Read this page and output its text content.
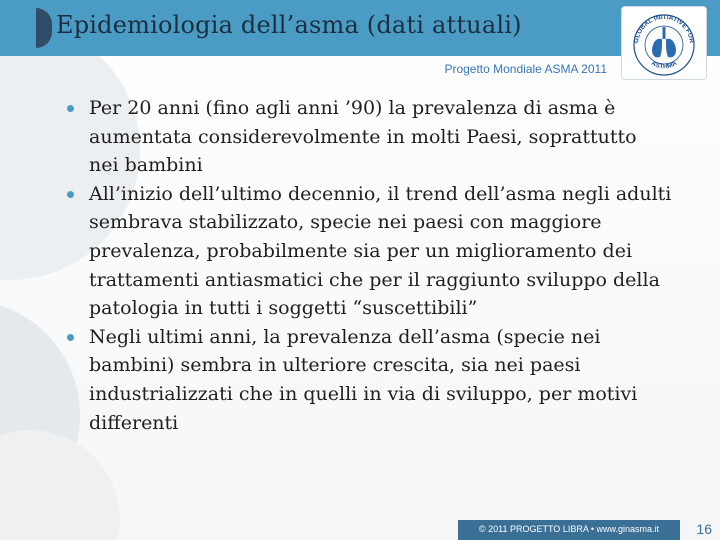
Epidemiologia dell’asma (dati attuali)
GLOBAL INITIATIVE FOR
ASTHMA
Progetto Mondiale ASMA 2011
Per 20 anni (fino agli anni ’90) la prevalenza di asma è aumentata considerevolmente in molti Paesi, soprattutto nei bambini
All’inizio dell’ultimo decennio, il trend dell’asma negli adulti sembrava stabilizzato, specie nei paesi con maggiore prevalenza, probabilmente sia per un miglioramento dei trattamenti antiasmatici che per il raggiunto sviluppo della patologia in tutti i soggetti “suscettibili”
Negli ultimi anni, la prevalenza dell’asma (specie nei bambini) sembra in ulteriore crescita, sia nei paesi industrializzati che in quelli in via di sviluppo, per motivi differenti
© 2011 PROGETTO LIBRA • www.ginasma.it	16
